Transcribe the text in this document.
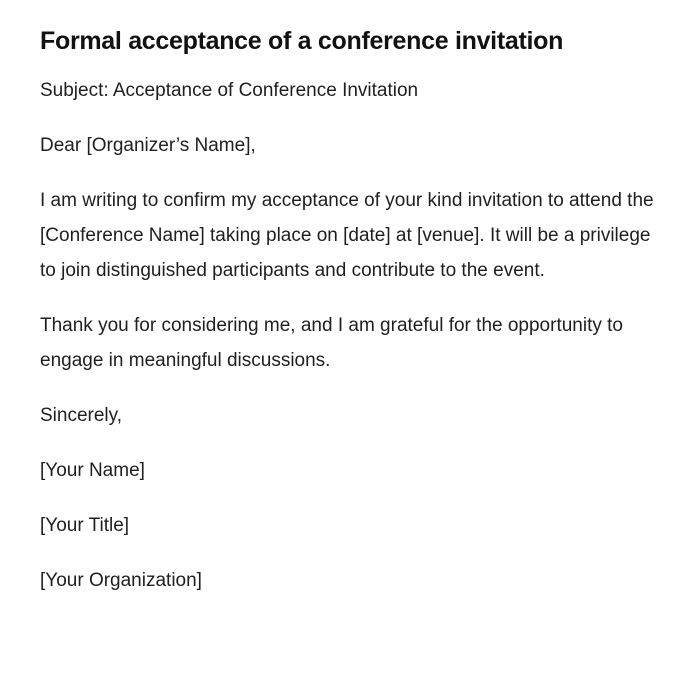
Formal acceptance of a conference invitation

Subject: Acceptance of Conference Invitation

Dear [Organizer’s Name],

I am writing to confirm my acceptance of your kind invitation to attend the [Conference Name] taking place on [date] at [venue]. It will be a privilege to join distinguished participants and contribute to the event.

Thank you for considering me, and I am grateful for the opportunity to engage in meaningful discussions.

Sincerely,

[Your Name]

[Your Title]

[Your Organization]
